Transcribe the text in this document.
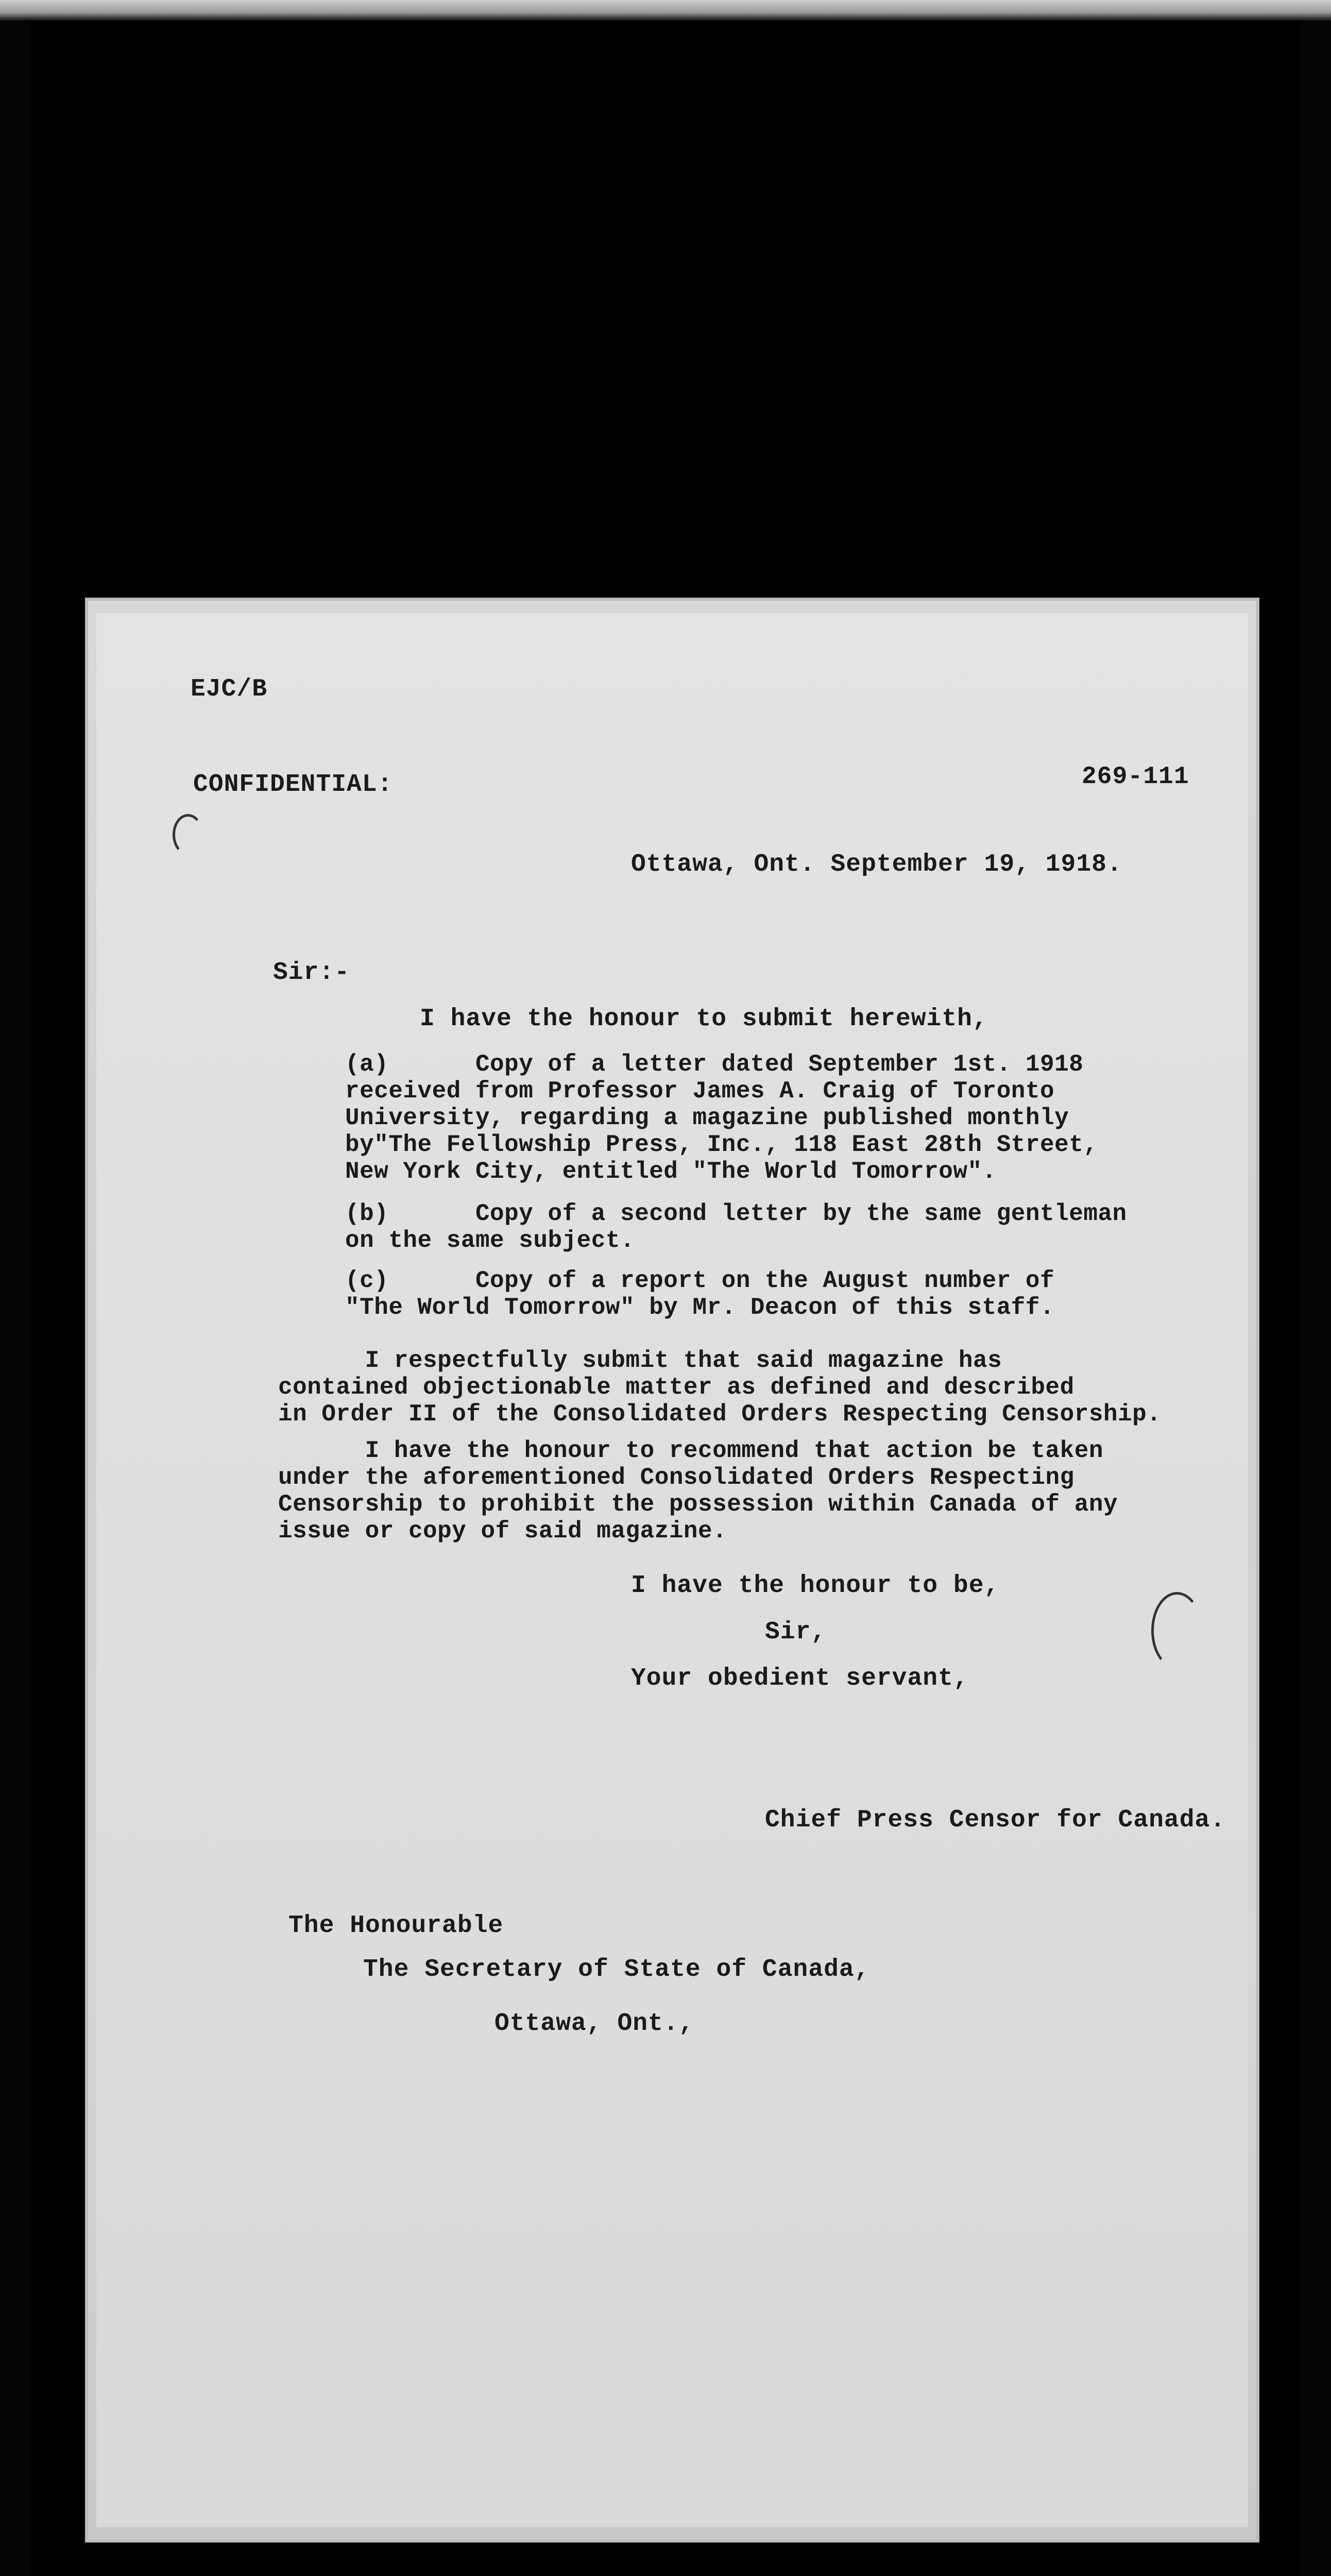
EJC/B
CONFIDENTIAL:	269-111
Ottawa, Ont. September 19, 1918.
Sir:-
I have the honour to submit herewith,
(a)      Copy of a letter dated September 1st. 1918
received from Professor James A. Craig of Toronto
University, regarding a magazine published monthly
by"The Fellowship Press, Inc., 118 East 28th Street,
New York City, entitled "The World Tomorrow".
(b)      Copy of a second letter by the same gentleman
on the same subject.
(c)      Copy of a report on the August number of
"The World Tomorrow" by Mr. Deacon of this staff.
I respectfully submit that said magazine has
contained objectionable matter as defined and described
in Order II of the Consolidated Orders Respecting Censorship.
I have the honour to recommend that action be taken
under the aforementioned Consolidated Orders Respecting
Censorship to prohibit the possession within Canada of any
issue or copy of said magazine.
I have the honour to be,
Sir,
Your obedient servant,
Chief Press Censor for Canada.
The Honourable
The Secretary of State of Canada,
Ottawa, Ont.,
